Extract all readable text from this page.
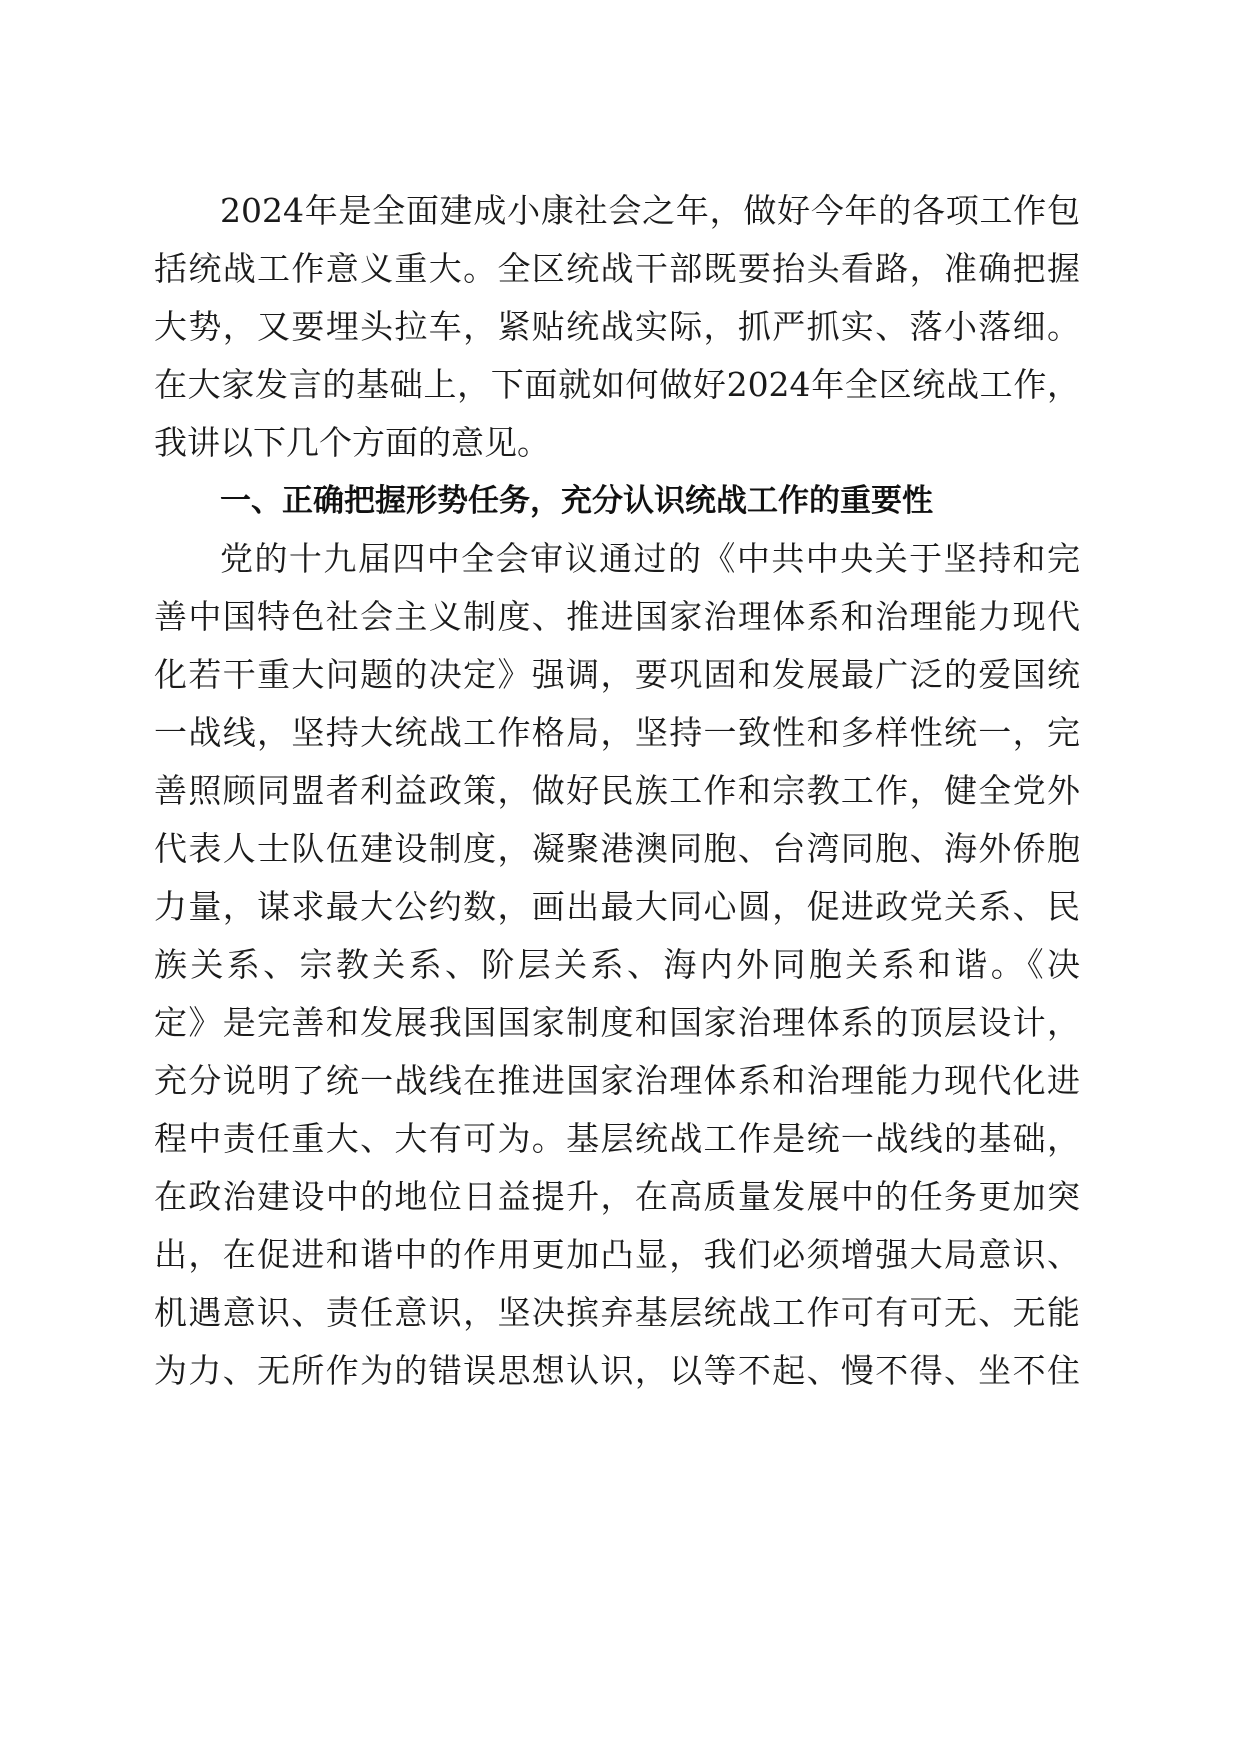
2024年是全面建成小康社会之年，做好今年的各项工作包
括统战工作意义重大。全区统战干部既要抬头看路，准确把握
大势，又要埋头拉车，紧贴统战实际，抓严抓实、落小落细。
在大家发言的基础上，下面就如何做好2024年全区统战工作，
我讲以下几个方面的意见。
一、正确把握形势任务，充分认识统战工作的重要性
党的十九届四中全会审议通过的《中共中央关于坚持和完
善中国特色社会主义制度、推进国家治理体系和治理能力现代
化若干重大问题的决定》强调，要巩固和发展最广泛的爱国统
一战线，坚持大统战工作格局，坚持一致性和多样性统一，完
善照顾同盟者利益政策，做好民族工作和宗教工作，健全党外
代表人士队伍建设制度，凝聚港澳同胞、台湾同胞、海外侨胞
力量，谋求最大公约数，画出最大同心圆，促进政党关系、民
族关系、宗教关系、阶层关系、海内外同胞关系和谐。《决
定》是完善和发展我国国家制度和国家治理体系的顶层设计，
充分说明了统一战线在推进国家治理体系和治理能力现代化进
程中责任重大、大有可为。基层统战工作是统一战线的基础，
在政治建设中的地位日益提升，在高质量发展中的任务更加突
出，在促进和谐中的作用更加凸显，我们必须增强大局意识、
机遇意识、责任意识，坚决摈弃基层统战工作可有可无、无能
为力、无所作为的错误思想认识，以等不起、慢不得、坐不住
